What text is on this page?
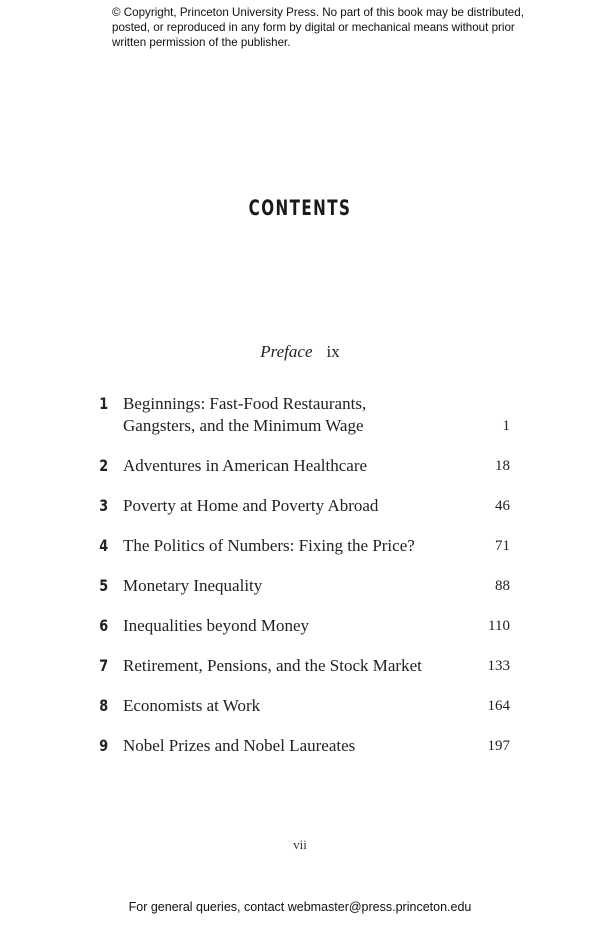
© Copyright, Princeton University Press. No part of this book may be distributed, posted, or reproduced in any form by digital or mechanical means without prior written permission of the publisher.
CONTENTS
Preface ix
1 Beginnings: Fast-Food Restaurants, Gangsters, and the Minimum Wage	1
2 Adventures in American Healthcare	18
3 Poverty at Home and Poverty Abroad	46
4 The Politics of Numbers: Fixing the Price?	71
5 Monetary Inequality	88
6 Inequalities beyond Money	110
7 Retirement, Pensions, and the Stock Market	133
8 Economists at Work	164
9 Nobel Prizes and Nobel Laureates	197
vii
For general queries, contact webmaster@press.princeton.edu
